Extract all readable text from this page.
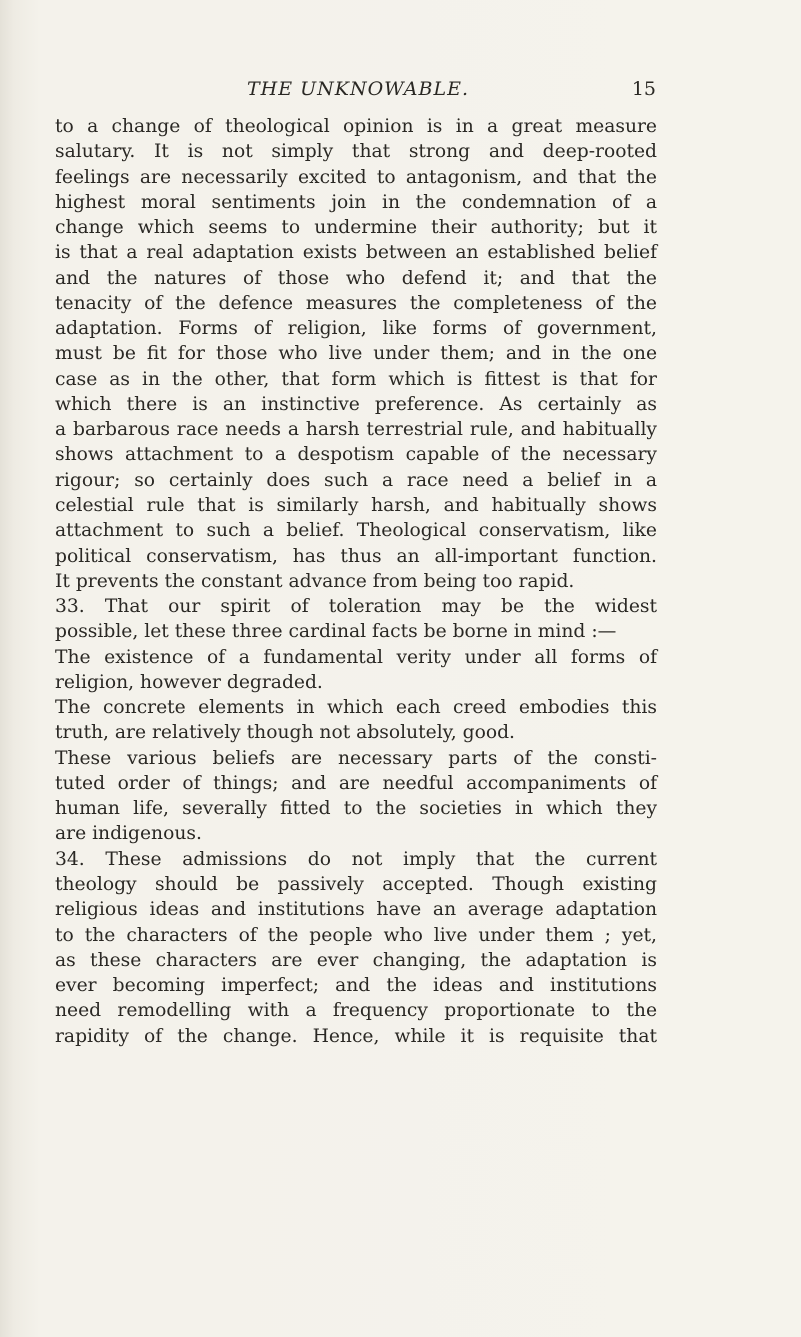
THE UNKNOWABLE.	15
to a change of theological opinion is in a great measure
salutary. It is not simply that strong and deep-rooted
feelings are necessarily excited to antagonism, and that the
highest moral sentiments join in the condemnation of a
change which seems to undermine their authority; but it
is that a real adaptation exists between an established belief
and the natures of those who defend it; and that the
tenacity of the defence measures the completeness of the
adaptation. Forms of religion, like forms of government,
must be fit for those who live under them; and in the one
case as in the other, that form which is fittest is that for
which there is an instinctive preference. As certainly as
a barbarous race needs a harsh terrestrial rule, and habitually
shows attachment to a despotism capable of the necessary
rigour; so certainly does such a race need a belief in a
celestial rule that is similarly harsh, and habitually shows
attachment to such a belief. Theological conservatism, like
political conservatism, has thus an all-important function.
It prevents the constant advance from being too rapid.
33. That our spirit of toleration may be the widest
possible, let these three cardinal facts be borne in mind :—
The existence of a fundamental verity under all forms of
religion, however degraded.
The concrete elements in which each creed embodies this
truth, are relatively though not absolutely, good.
These various beliefs are necessary parts of the consti-
tuted order of things; and are needful accompaniments of
human life, severally fitted to the societies in which they
are indigenous.
34. These admissions do not imply that the current
theology should be passively accepted. Though existing
religious ideas and institutions have an average adaptation
to the characters of the people who live under them ; yet,
as these characters are ever changing, the adaptation is
ever becoming imperfect; and the ideas and institutions
need remodelling with a frequency proportionate to the
rapidity of the change. Hence, while it is requisite that
